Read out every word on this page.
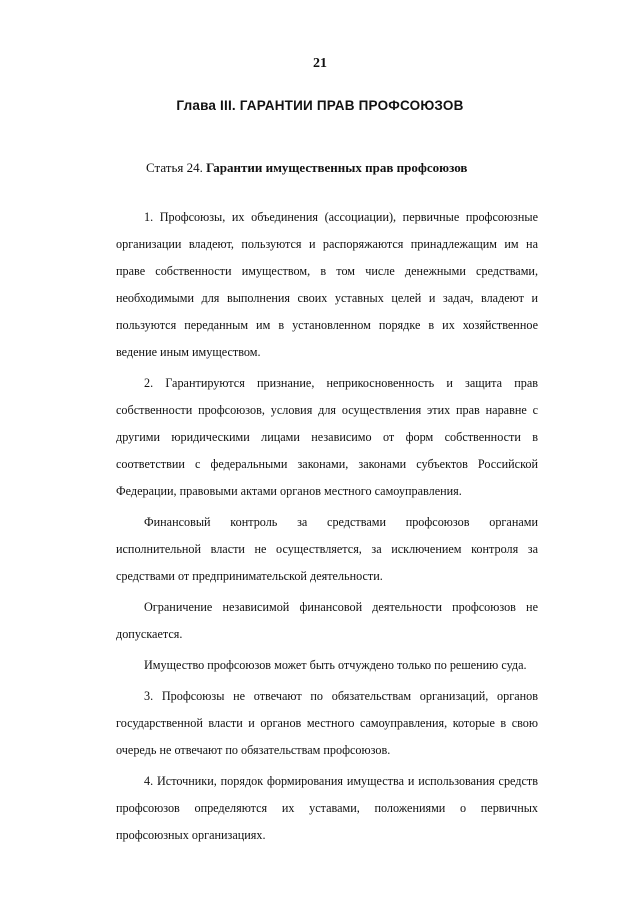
21
Глава III. ГАРАНТИИ ПРАВ ПРОФСОЮЗОВ
Статья 24. Гарантии имущественных прав профсоюзов

1. Профсоюзы, их объединения (ассоциации), первичные профсоюзные организации владеют, пользуются и распоряжаются принадлежащим им на праве собственности имуществом, в том числе денежными средствами, необходимыми для выполнения своих уставных целей и задач, владеют и пользуются переданным им в установленном порядке в их хозяйственное ведение иным имуществом.

2. Гарантируются признание, неприкосновенность и защита прав собственности профсоюзов, условия для осуществления этих прав наравне с другими юридическими лицами независимо от форм собственности в соответствии с федеральными законами, законами субъектов Российской Федерации, правовыми актами органов местного самоуправления.

Финансовый контроль за средствами профсоюзов органами исполнительной власти не осуществляется, за исключением контроля за средствами от предпринимательской деятельности.

Ограничение независимой финансовой деятельности профсоюзов не допускается.

Имущество профсоюзов может быть отчуждено только по решению суда.

3. Профсоюзы не отвечают по обязательствам организаций, органов государственной власти и органов местного самоуправления, которые в свою очередь не отвечают по обязательствам профсоюзов.

4. Источники, порядок формирования имущества и использования средств профсоюзов определяются их уставами, положениями о первичных профсоюзных организациях.
